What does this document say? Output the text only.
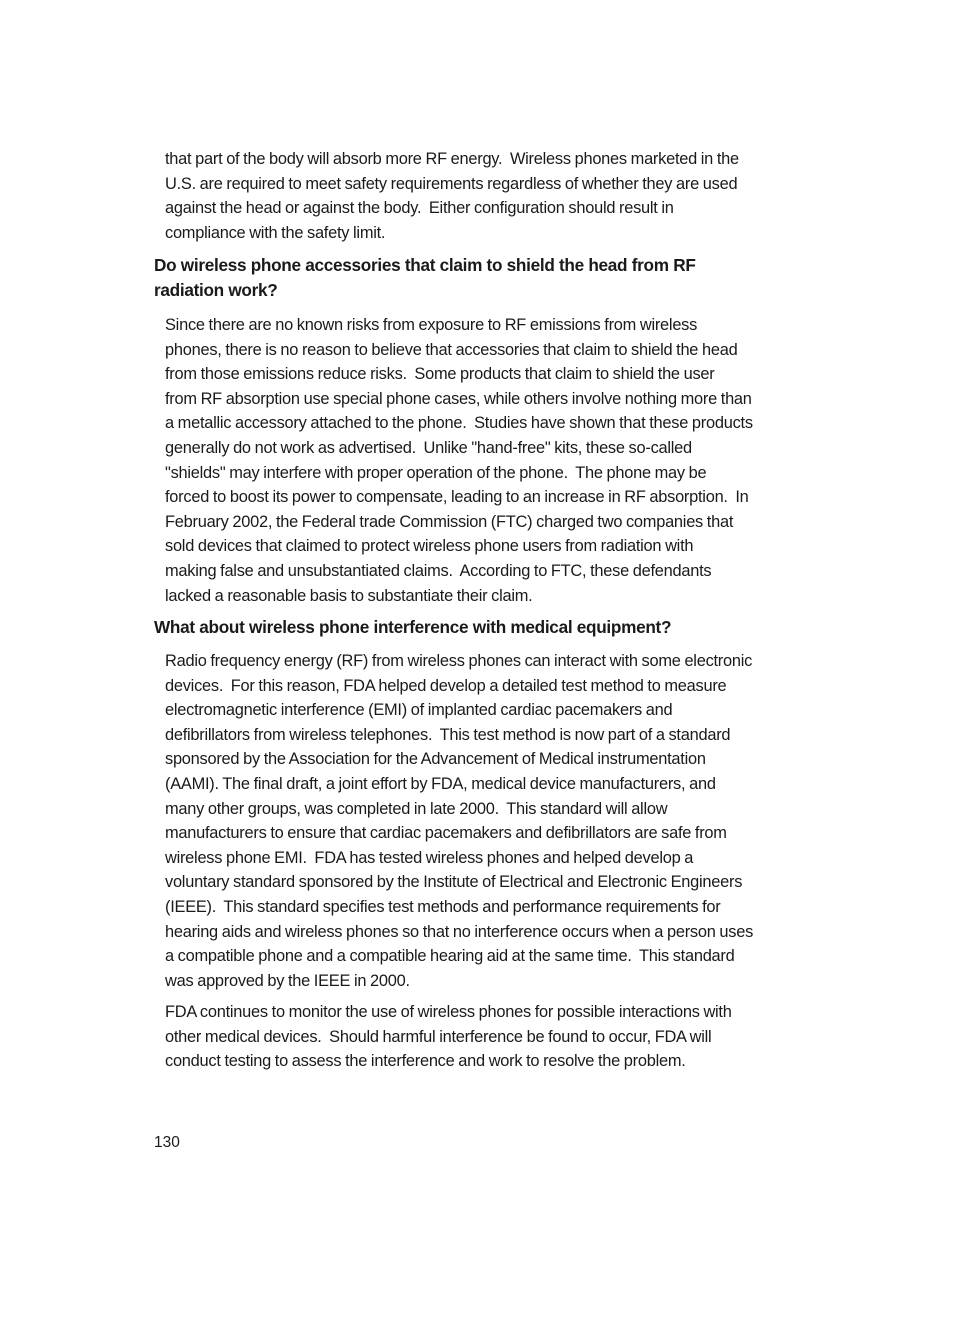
that part of the body will absorb more RF energy.  Wireless phones marketed in the
U.S. are required to meet safety requirements regardless of whether they are used
against the head or against the body.  Either configuration should result in
compliance with the safety limit.

Do wireless phone accessories that claim to shield the head from RF
radiation work?

Since there are no known risks from exposure to RF emissions from wireless
phones, there is no reason to believe that accessories that claim to shield the head
from those emissions reduce risks.  Some products that claim to shield the user
from RF absorption use special phone cases, while others involve nothing more than
a metallic accessory attached to the phone.  Studies have shown that these products
generally do not work as advertised.  Unlike "hand-free" kits, these so-called
"shields" may interfere with proper operation of the phone.  The phone may be
forced to boost its power to compensate, leading to an increase in RF absorption.  In
February 2002, the Federal trade Commission (FTC) charged two companies that
sold devices that claimed to protect wireless phone users from radiation with
making false and unsubstantiated claims.  According to FTC, these defendants
lacked a reasonable basis to substantiate their claim.

What about wireless phone interference with medical equipment?

Radio frequency energy (RF) from wireless phones can interact with some electronic
devices.  For this reason, FDA helped develop a detailed test method to measure
electromagnetic interference (EMI) of implanted cardiac pacemakers and
defibrillators from wireless telephones.  This test method is now part of a standard
sponsored by the Association for the Advancement of Medical instrumentation
(AAMI). The final draft, a joint effort by FDA, medical device manufacturers, and
many other groups, was completed in late 2000.  This standard will allow
manufacturers to ensure that cardiac pacemakers and defibrillators are safe from
wireless phone EMI.  FDA has tested wireless phones and helped develop a
voluntary standard sponsored by the Institute of Electrical and Electronic Engineers
(IEEE).  This standard specifies test methods and performance requirements for
hearing aids and wireless phones so that no interference occurs when a person uses
a compatible phone and a compatible hearing aid at the same time.  This standard
was approved by the IEEE in 2000.

FDA continues to monitor the use of wireless phones for possible interactions with
other medical devices.  Should harmful interference be found to occur, FDA will
conduct testing to assess the interference and work to resolve the problem.

130
